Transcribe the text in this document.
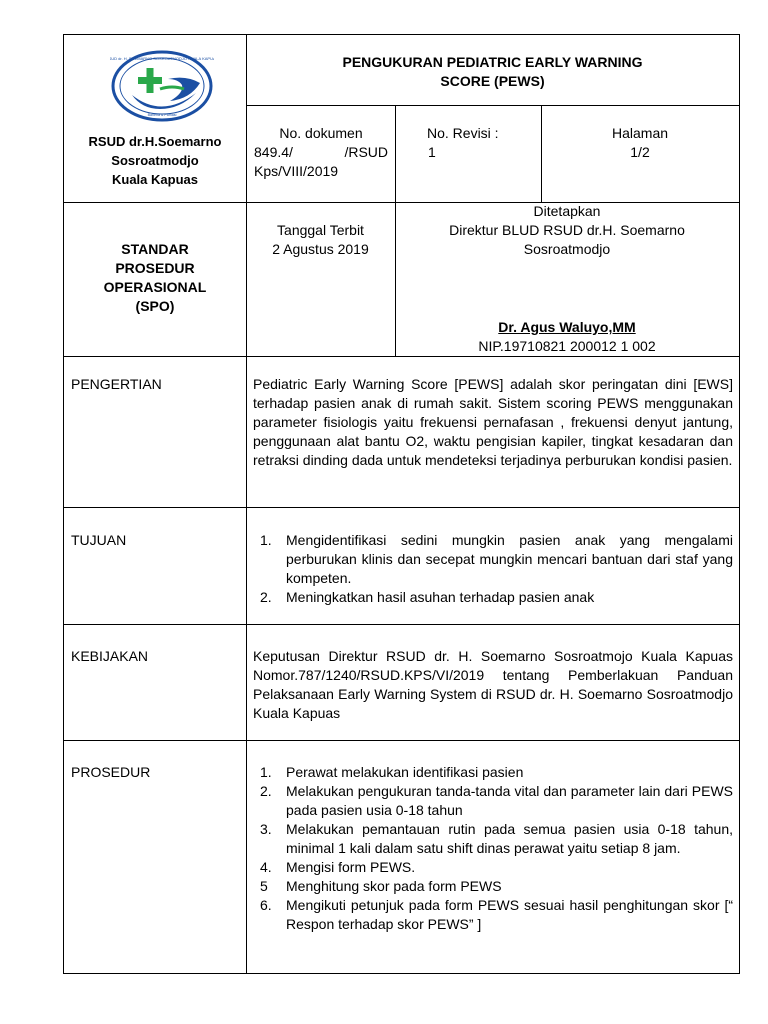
RSUD dr. H. SOEMARNO SOSROATMODJO KUALA KAPUAS
Bahena & Pamasi
RSUD dr.H.Soemarno
Sosroatmodjo
Kuala Kapuas
PENGUKURAN PEDIATRIC EARLY WARNING
SCORE (PEWS)
No. dokumen
849.4/	/RSUD
Kps/VIII/2019
No. Revisi :
1
Halaman
1/2
STANDAR
PROSEDUR
OPERASIONAL
(SPO)
Tanggal Terbit
2 Agustus 2019
Ditetapkan
Direktur BLUD RSUD dr.H. Soemarno
Sosroatmodjo
Dr. Agus Waluyo,MM
NIP.19710821 200012 1 002
PENGERTIAN	Pediatric Early Warning Score [PEWS] adalah skor peringatan dini [EWS] terhadap pasien anak di rumah sakit. Sistem scoring PEWS menggunakan parameter fisiologis yaitu frekuensi pernafasan , frekuensi denyut jantung, penggunaan alat bantu O2, waktu pengisian kapiler, tingkat kesadaran dan retraksi dinding dada untuk mendeteksi terjadinya perburukan kondisi pasien.
TUJUAN	1. Mengidentifikasi sedini mungkin pasien anak yang mengalami perburukan klinis dan secepat mungkin mencari bantuan dari staf yang kompeten.
2. Meningkatkan hasil asuhan terhadap pasien anak
KEBIJAKAN	Keputusan Direktur RSUD dr. H. Soemarno Sosroatmojo Kuala Kapuas Nomor.787/1240/RSUD.KPS/VI/2019 tentang Pemberlakuan Panduan Pelaksanaan Early Warning System di RSUD dr. H. Soemarno Sosroatmodjo Kuala Kapuas
PROSEDUR	1. Perawat melakukan identifikasi pasien
2. Melakukan pengukuran tanda-tanda vital dan parameter lain dari PEWS pada pasien usia 0-18 tahun
3. Melakukan pemantauan rutin pada semua pasien usia 0-18 tahun, minimal 1 kali dalam satu shift dinas perawat yaitu setiap 8 jam.
4. Mengisi form PEWS.
5 Menghitung skor pada form PEWS
6. Mengikuti petunjuk pada form PEWS sesuai hasil penghitungan skor [“ Respon terhadap skor PEWS” ]
